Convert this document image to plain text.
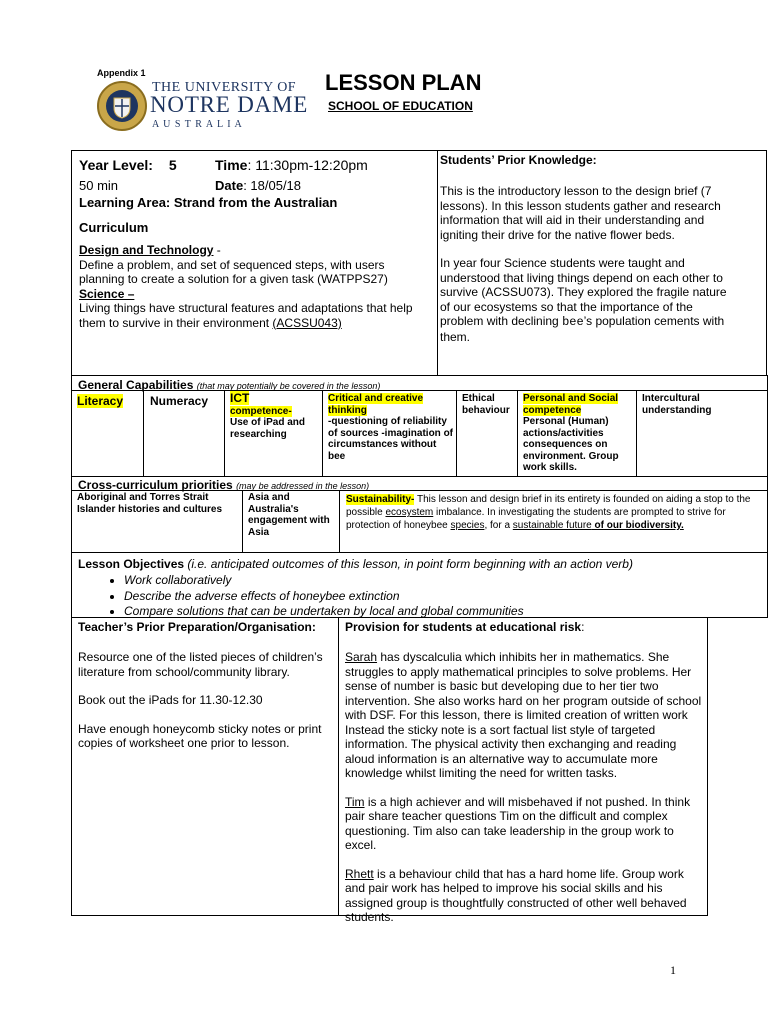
Appendix 1
THE UNIVERSITY OF
NOTRE DAME
A U S T R A L I A
LESSON PLAN
SCHOOL OF EDUCATION
Year Level: 5	Time: 11:30pm-12:20pm
50 min	Date: 18/05/18
Learning Area: Strand from the Australian
Curriculum

Design and Technology -

Define a problem, and set of sequenced steps, with users planning to create a solution for a given task (WATPPS27)

Science –

Living things have structural features and adaptations that help them to survive in their environment (ACSSU043)

Students’ Prior Knowledge:

This is the introductory lesson to the design brief (7 lessons). In this lesson students gather and research information that will aid in their understanding and igniting their drive for the native flower beds.

In year four Science students were taught and understood that living things depend on each other to survive (ACSSU073). They explored the fragile nature of our ecosystems so that the importance of the problem with declining bee’s population cements with them.

General Capabilities (that may potentially be covered in the lesson)
Literacy Numeracy ICT
competence-
Use of iPad and researching
Critical and creative thinking
-questioning of reliability of sources -imagination of circumstances without bee
Ethical behaviour
Personal and Social competence
Personal (Human) actions/activities consequences on environment. Group work skills.
Intercultural understanding
Cross-curriculum priorities (may be addressed in the lesson)
Aboriginal and Torres Strait Islander histories and cultures
Asia and Australia's engagement with Asia
Sustainability- This lesson and design brief in its entirety is founded on aiding a stop to the possible ecosystem imbalance. In investigating the students are prompted to strive for protection of honeybee species, for a sustainable future of our biodiversity.
Lesson Objectives (i.e. anticipated outcomes of this lesson, in point form beginning with an action verb)
• Work collaboratively
• Describe the adverse effects of honeybee extinction
• Compare solutions that can be undertaken by local and global communities
Teacher’s Prior Preparation/Organisation:

Resource one of the listed pieces of children’s literature from school/community library.

Book out the iPads for 11.30-12.30

Have enough honeycomb sticky notes or print copies of worksheet one prior to lesson.

Provision for students at educational risk:

Sarah has dyscalculia which inhibits her in mathematics. She struggles to apply mathematical principles to solve problems. Her sense of number is basic but developing due to her tier two intervention. She also works hard on her program outside of school with DSF. For this lesson, there is limited creation of written work Instead the sticky note is a sort factual list style of targeted information. The physical activity then exchanging and reading aloud information is an alternative way to accumulate more knowledge whilst limiting the need for written tasks.

Tim is a high achiever and will misbehaved if not pushed. In think pair share teacher questions Tim on the difficult and complex questioning. Tim also can take leadership in the group work to excel.

Rhett is a behaviour child that has a hard home life. Group work and pair work has helped to improve his social skills and his assigned group is thoughtfully constructed of other well behaved students.

1
